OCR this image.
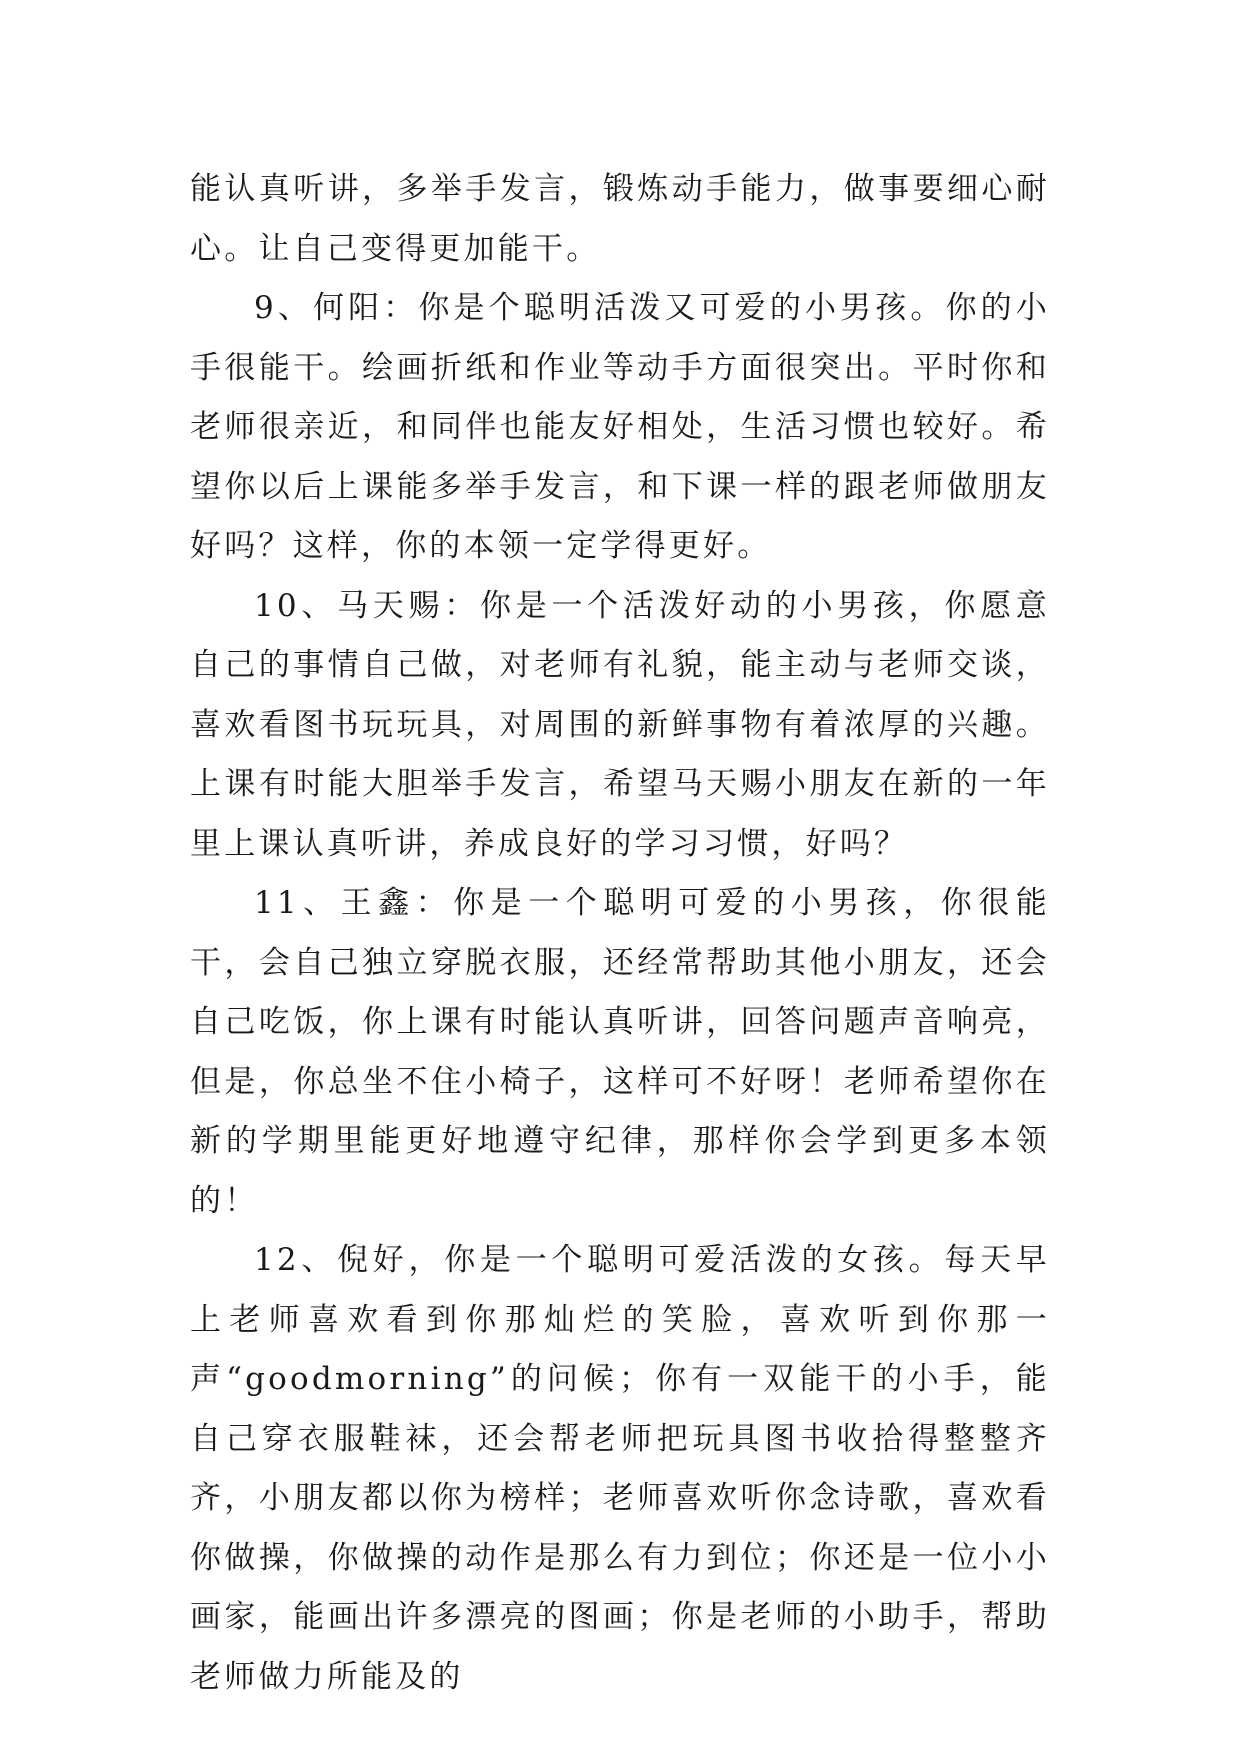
能认真听讲，多举手发言，锻炼动手能力，做事要细心耐心。让自己变得更加能干。

9、何阳：你是个聪明活泼又可爱的小男孩。你的小手很能干。绘画折纸和作业等动手方面很突出。平时你和老师很亲近，和同伴也能友好相处，生活习惯也较好。希望你以后上课能多举手发言，和下课一样的跟老师做朋友好吗？这样，你的本领一定学得更好。

10、马天赐：你是一个活泼好动的小男孩，你愿意自己的事情自己做，对老师有礼貌，能主动与老师交谈，喜欢看图书玩玩具，对周围的新鲜事物有着浓厚的兴趣。上课有时能大胆举手发言，希望马天赐小朋友在新的一年里上课认真听讲，养成良好的学习习惯，好吗？

11、王鑫：你是一个聪明可爱的小男孩，你很能干，会自己独立穿脱衣服，还经常帮助其他小朋友，还会自己吃饭，你上课有时能认真听讲，回答问题声音响亮，但是，你总坐不住小椅子，这样可不好呀！老师希望你在新的学期里能更好地遵守纪律，那样你会学到更多本领的！

12、倪好，你是一个聪明可爱活泼的女孩。每天早上老师喜欢看到你那灿烂的笑脸，喜欢听到你那一声“goodmorning”的问候；你有一双能干的小手，能自己穿衣服鞋袜，还会帮老师把玩具图书收拾得整整齐齐，小朋友都以你为榜样；老师喜欢听你念诗歌，喜欢看你做操，你做操的动作是那么有力到位；你还是一位小小画家，能画出许多漂亮的图画；你是老师的小助手，帮助老师做力所能及的
